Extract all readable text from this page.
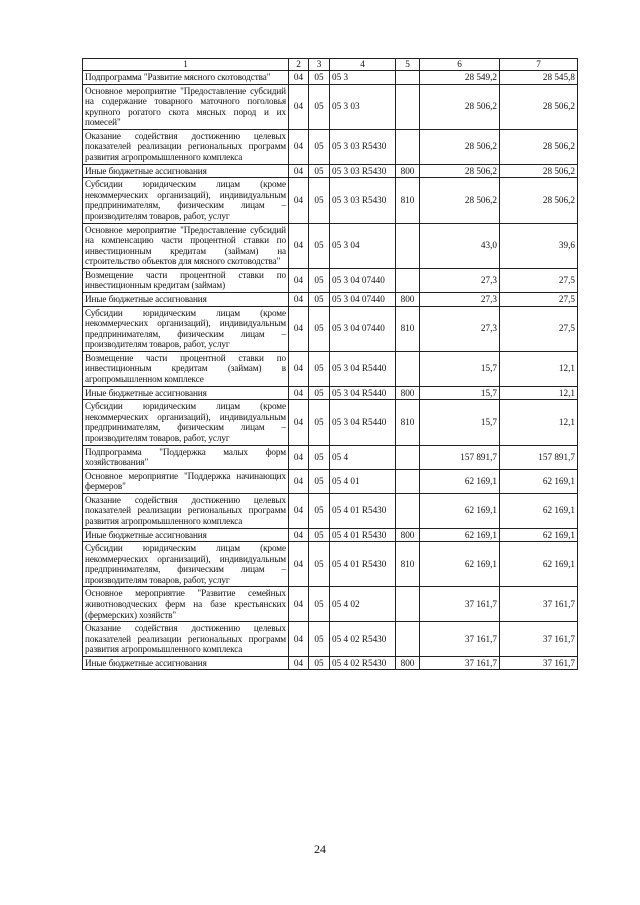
1	2	3	4	5	6	7
Подпрограмма "Развитие мясного скотоводства"	04	05	05 3		28 549,2	28 545,8
Основное мероприятие "Предоставление субсидий на содержание товарного маточного поголовья крупного рогатого скота мясных пород и их помесей"	04	05	05 3 03		28 506,2	28 506,2
Оказание содействия достижению целевых показателей реализации региональных программ развития агропромышленного комплекса	04	05	05 3 03 R5430		28 506,2	28 506,2
Иные бюджетные ассигнования	04	05	05 3 03 R5430	800	28 506,2	28 506,2
Субсидии юридическим лицам (кроме некоммерческих организаций), индивидуальным предпринимателям, физическим лицам – производителям товаров, работ, услуг	04	05	05 3 03 R5430	810	28 506,2	28 506,2
Основное мероприятие "Предоставление субсидий на компенсацию части процентной ставки по инвестиционным кредитам (займам) на строительство объектов для мясного скотоводства"	04	05	05 3 04		43,0	39,6
Возмещение части процентной ставки по инвестиционным кредитам (займам)	04	05	05 3 04 07440		27,3	27,5
Иные бюджетные ассигнования	04	05	05 3 04 07440	800	27,3	27,5
Субсидии юридическим лицам (кроме некоммерческих организаций), индивидуальным предпринимателям, физическим лицам – производителям товаров, работ, услуг	04	05	05 3 04 07440	810	27,3	27,5
Возмещение части процентной ставки по инвестиционным кредитам (займам) в агропромышленном комплексе	04	05	05 3 04 R5440		15,7	12,1
Иные бюджетные ассигнования	04	05	05 3 04 R5440	800	15,7	12,1
Субсидии юридическим лицам (кроме некоммерческих организаций), индивидуальным предпринимателям, физическим лицам – производителям товаров, работ, услуг	04	05	05 3 04 R5440	810	15,7	12,1
Подпрограмма "Поддержка малых форм хозяйствования"	04	05	05 4		157 891,7	157 891,7
Основное мероприятие "Поддержка начинающих фермеров"	04	05	05 4 01		62 169,1	62 169,1
Оказание содействия достижению целевых показателей реализации региональных программ развития агропромышленного комплекса	04	05	05 4 01 R5430		62 169,1	62 169,1
Иные бюджетные ассигнования	04	05	05 4 01 R5430	800	62 169,1	62 169,1
Субсидии юридическим лицам (кроме некоммерческих организаций), индивидуальным предпринимателям, физическим лицам – производителям товаров, работ, услуг	04	05	05 4 01 R5430	810	62 169,1	62 169,1
Основное мероприятие "Развитие семейных животноводческих ферм на базе крестьянских (фермерских) хозяйств"	04	05	05 4 02		37 161,7	37 161,7
Оказание содействия достижению целевых показателей реализации региональных программ развития агропромышленного комплекса	04	05	05 4 02 R5430		37 161,7	37 161,7
Иные бюджетные ассигнования	04	05	05 4 02 R5430	800	37 161,7	37 161,7
24
